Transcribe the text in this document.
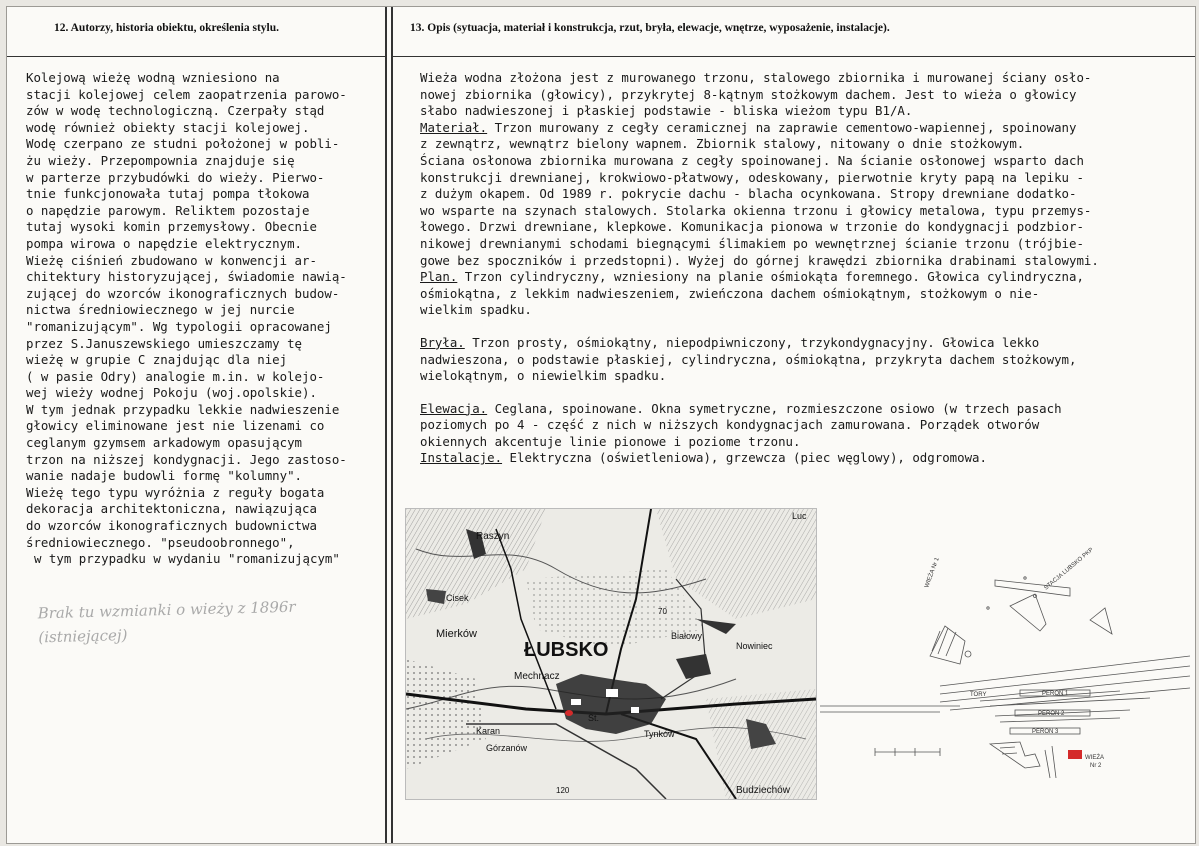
12. Autorzy, historia obiektu, określenia stylu.	13. Opis (sytuacja, materiał i konstrukcja, rzut, bryła, elewacje, wnętrze, wyposażenie, instalacje).
Kolejową wieżę wodną wzniesiono na
stacji kolejowej celem zaopatrzenia parowo-
zów w wodę technologiczną. Czerpały stąd
wodę również obiekty stacji kolejowej.
Wodę czerpano ze studni położonej w pobli-
żu wieży. Przepompownia znajduje się
w parterze przybudówki do wieży. Pierwo-
tnie funkcjonowała tutaj pompa tłokowa
o napędzie parowym. Reliktem pozostaje
tutaj wysoki komin przemysłowy. Obecnie
pompa wirowa o napędzie elektrycznym.
Wieżę ciśnień zbudowano w konwencji ar-
chitektury historyzującej, świadomie nawią-
zującej do wzorców ikonograficznych budow-
nictwa średniowiecznego w jej nurcie
"romanizującym". Wg typologii opracowanej
przez S.Januszewskiego umieszczamy tę
wieżę w grupie C znajdując dla niej
( w pasie Odry) analogie m.in. w kolejo-
wej wieży wodnej Pokoju (woj.opolskie).
W tym jednak przypadku lekkie nadwieszenie
głowicy eliminowane jest nie lizenami co
ceglanym gzymsem arkadowym opasującym
trzon na niższej kondygnacji. Jego zastoso-
wanie nadaje budowli formę "kolumny".
Wieżę tego typu wyróżnia z reguły bogata
dekoracja architektoniczna, nawiązująca
do wzorców ikonograficznych budownictwa
średniowiecznego. "pseudoobronnego",
w tym przypadku w wydaniu "romanizującym"
Brak tu wzmianki o wieży z 1896r
(istniejącej)
Wieża wodna złożona jest z murowanego trzonu, stalowego zbiornika i murowanej ściany osło-
nowej zbiornika (głowicy), przykrytej 8-kątnym stożkowym dachem. Jest to wieża o głowicy
słabo nadwieszonej i płaskiej podstawie - bliska wieżom typu B1/A.
Materiał. Trzon murowany z cegły ceramicznej na zaprawie cementowo-wapiennej, spoinowany
z zewnątrz, wewnątrz bielony wapnem. Zbiornik stalowy, nitowany o dnie stożkowym.
Ściana osłonowa zbiornika murowana z cegły spoinowanej. Na ścianie osłonowej wsparto dach
konstrukcji drewnianej, krokwiowo-płatwowy, odeskowany, pierwotnie kryty papą na lepiku -
z dużym okapem. Od 1989 r. pokrycie dachu - blacha ocynkowana. Stropy drewniane dodatko-
wo wsparte na szynach stalowych. Stolarka okienna trzonu i głowicy metalowa, typu przemys-
łowego. Drzwi drewniane, klepkowe. Komunikacja pionowa w trzonie do kondygnacji podzbior-
nikowej drewnianymi schodami biegnącymi ślimakiem po wewnętrznej ścianie trzonu (trójbie-
gowe bez spoczników i przedstopni). Wyżej do górnej krawędzi zbiornika drabinami stalowymi.
Plan. Trzon cylindryczny, wzniesiony na planie ośmiokąta foremnego. Głowica cylindryczna,
ośmiokątna, z lekkim nadwieszeniem, zwieńczona dachem ośmiokątnym, stożkowym o nie-
wielkim spadku.
Bryła. Trzon prosty, ośmiokątny, niepodpiwniczony, trzykondygnacyjny. Głowica lekko
nadwieszona, o podstawie płaskiej, cylindryczna, ośmiokątna, przykryta dachem stożkowym,
wielokątnym, o niewielkim spadku.
Elewacja. Ceglana, spoinowane. Okna symetryczne, rozmieszczone osiowo (w trzech pasach
poziomych po 4 - część z nich w niższych kondygnacjach zamurowana. Porządek otworów
okiennych akcentuje linie pionowe i poziome trzonu.
Instalacje. Elektryczna (oświetleniowa), grzewcza (piec węglowy), odgromowa.
Luc
Raszyn
Cisek
Mierków
ŁUBSKO
Białowy
Nowiniec
Mechnacz
St.
Karan
Górzanów
Tynków
Budziechów
70
120
WIEŻA Nr 1	STACJA LUBSKO PKP
WIEŻA
Nr 2
TORY	PERON 1
PERON 2
PERON 3
